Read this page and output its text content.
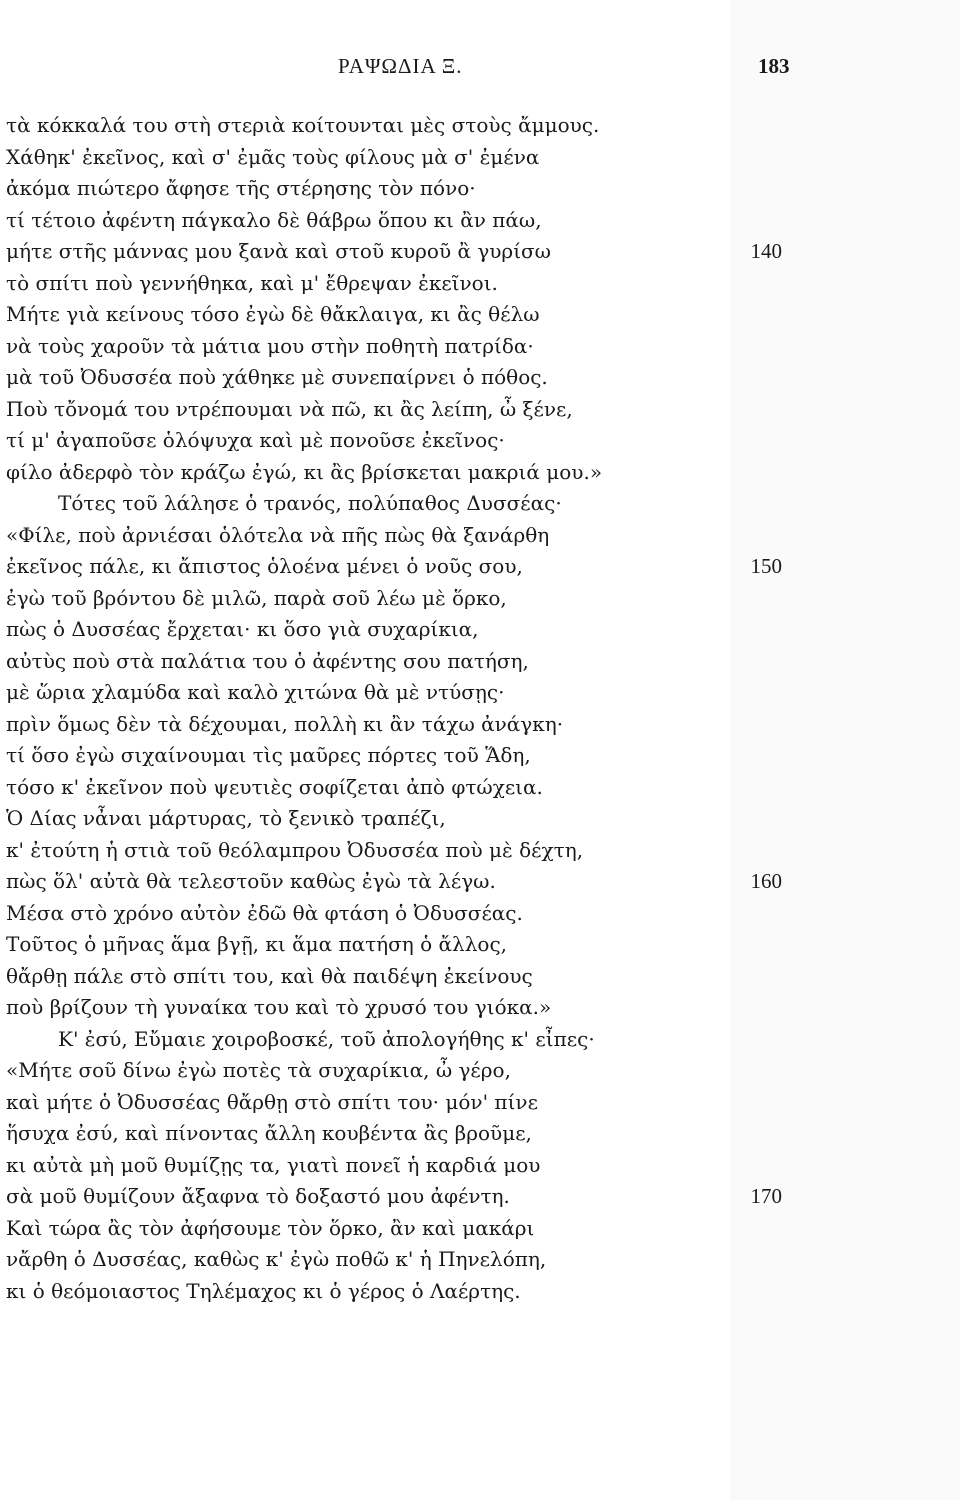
ΡΑΨΩΔΙΑ Ξ.	183
τὰ κόκκαλά του στὴ στεριὰ κοίτουνται μὲς στοὺς ἄμμους.
Χάθηκ' ἐκεῖνος, καὶ σ' ἐμᾶς τοὺς φίλους μὰ σ' ἐμένα
ἀκόμα πιώτερο ἄφησε τῆς στέρησης τὸν πόνο·
τί τέτοιο ἀφέντη πάγκαλο δὲ θάβρω ὅπου κι ἂν πάω,
μήτε στῆς μάννας μου ξανὰ καὶ στοῦ κυροῦ ἂ γυρίσω	140
τὸ σπίτι ποὺ γεννήθηκα, καὶ μ' ἔθρεψαν ἐκεῖνοι.
Μήτε γιὰ κείνους τόσο ἐγὼ δὲ θἄκλαιγα, κι ἂς θέλω
νὰ τοὺς χαροῦν τὰ μάτια μου στὴν ποθητὴ πατρίδα·
μὰ τοῦ Ὀδυσσέα ποὺ χάθηκε μὲ συνεπαίρνει ὁ πόθος.
Ποὺ τὄνομά του ντρέπουμαι νὰ πῶ, κι ἂς λείπη, ὦ ξένε,
τί μ' ἀγαποῦσε ὁλόψυχα καὶ μὲ πονοῦσε ἐκεῖνος·
φίλο ἀδερφὸ τὸν κράζω ἐγώ, κι ἂς βρίσκεται μακριά μου.»
Τότες τοῦ λάλησε ὁ τρανός, πολύπαθος Δυσσέας·
«Φίλε, ποὺ ἀρνιέσαι ὁλότελα νὰ πῆς πὼς θὰ ξανάρθη
ἐκεῖνος πάλε, κι ἄπιστος ὁλοένα μένει ὁ νοῦς σου,	150
ἐγὼ τοῦ βρόντου δὲ μιλῶ, παρὰ σοῦ λέω μὲ ὅρκο,
πὼς ὁ Δυσσέας ἔρχεται· κι ὅσο γιὰ συχαρίκια,
αὐτὺς ποὺ στὰ παλάτια του ὁ ἀφέντης σου πατήση,
μὲ ὥρια χλαμύδα καὶ καλὸ χιτώνα θὰ μὲ ντύσῃς·
πρὶν ὅμως δὲν τὰ δέχουμαι, πολλὴ κι ἂν τάχω ἀνάγκη·
τί ὅσο ἐγὼ σιχαίνουμαι τὶς μαῦρες πόρτες τοῦ Ἅδη,
τόσο κ' ἐκεῖνον ποὺ ψευτιὲς σοφίζεται ἀπὸ φτώχεια.
Ὁ Δίας νἆναι μάρτυρας, τὸ ξενικὸ τραπέζι,
κ' ἐτούτη ἡ στιὰ τοῦ θεόλαμπρου Ὀδυσσέα ποὺ μὲ δέχτη,
πὼς ὅλ' αὐτὰ θὰ τελεστοῦν καθὼς ἐγὼ τὰ λέγω.	160
Μέσα στὸ χρόνο αὐτὸν ἐδῶ θὰ φτάση ὁ Ὀδυσσέας.
Τοῦτος ὁ μῆνας ἅμα βγῇ, κι ἅμα πατήση ὁ ἄλλος,
θἄρθῃ πάλε στὸ σπίτι του, καὶ θὰ παιδέψη ἐκείνους
ποὺ βρίζουν τὴ γυναίκα του καὶ τὸ χρυσό του γιόκα.»
Κ' ἐσύ, Εὔμαιε χοιροβοσκέ, τοῦ ἀπολογήθης κ' εἶπες·
«Μήτε σοῦ δίνω ἐγὼ ποτὲς τὰ συχαρίκια, ὦ γέρο,
καὶ μήτε ὁ Ὀδυσσέας θἄρθῃ στὸ σπίτι του· μόν' πίνε
ἥσυχα ἐσύ, καὶ πίνοντας ἄλλη κουβέντα ἂς βροῦμε,
κι αὐτὰ μὴ μοῦ θυμίζῃς τα, γιατὶ πονεῖ ἡ καρδιά μου
σὰ μοῦ θυμίζουν ἄξαφνα τὸ δοξαστό μου ἀφέντη.	170
Καὶ τώρα ἂς τὸν ἀφήσουμε τὸν ὅρκο, ἂν καὶ μακάρι
νἄρθη ὁ Δυσσέας, καθὼς κ' ἐγὼ ποθῶ κ' ἡ Πηνελόπη,
κι ὁ θεόμοιαστος Τηλέμαχος κι ὁ γέρος ὁ Λαέρτης.
